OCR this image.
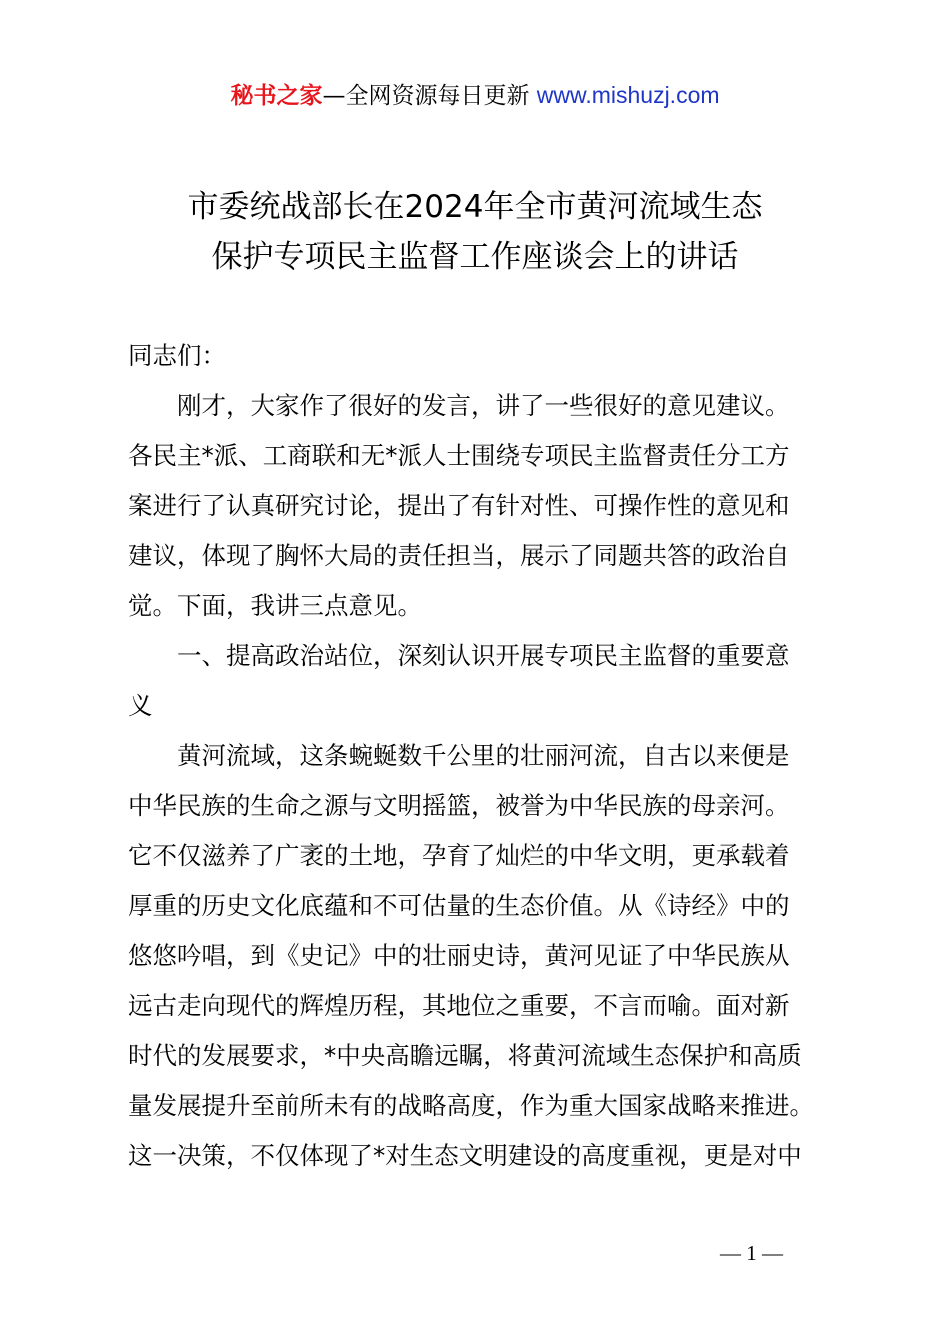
秘书之家—全网资源每日更新 www.mishuzj.com
市委统战部长在2024年全市黄河流域生态
保护专项民主监督工作座谈会上的讲话
同志们：
　　刚才，大家作了很好的发言，讲了一些很好的意见建议。
各民主*派、工商联和无*派人士围绕专项民主监督责任分工方
案进行了认真研究讨论，提出了有针对性、可操作性的意见和
建议，体现了胸怀大局的责任担当，展示了同题共答的政治自
觉。下面，我讲三点意见。
　　一、提高政治站位，深刻认识开展专项民主监督的重要意
义
　　黄河流域，这条蜿蜒数千公里的壮丽河流，自古以来便是
中华民族的生命之源与文明摇篮，被誉为中华民族的母亲河。
它不仅滋养了广袤的土地，孕育了灿烂的中华文明，更承载着
厚重的历史文化底蕴和不可估量的生态价值。从《诗经》中的
悠悠吟唱，到《史记》中的壮丽史诗，黄河见证了中华民族从
远古走向现代的辉煌历程，其地位之重要，不言而喻。面对新
时代的发展要求，*中央高瞻远瞩，将黄河流域生态保护和高质
量发展提升至前所未有的战略高度，作为重大国家战略来推进。
这一决策，不仅体现了*对生态文明建设的高度重视，更是对中
— 1 —
